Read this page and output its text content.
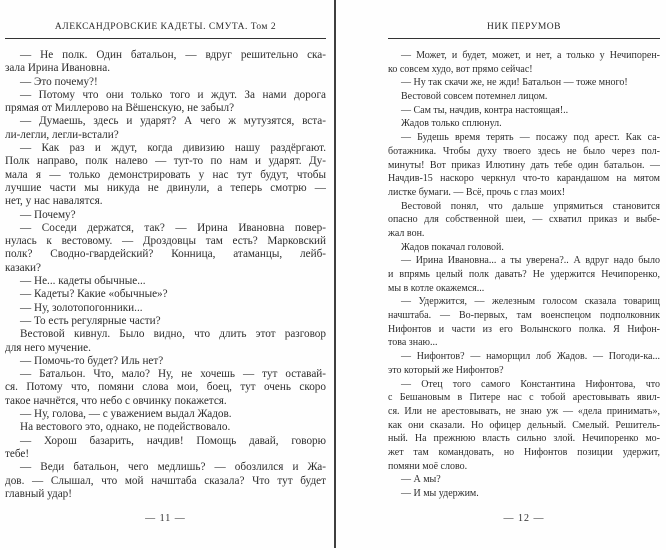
АЛЕКСАНДРОВСКИЕ КАДЕТЫ. СМУТА. Том 2
— Не полк. Один батальон, — вдруг решительно ска-
зала Ирина Ивановна.
— Это почему?!
— Потому что они только того и ждут. За нами дорога
прямая от Миллерово на Вёшенскую, не забыл?
— Думаешь, здесь и ударят? А чего ж мутузятся, вста-
ли-легли, легли-встали?
— Как раз и ждут, когда дивизию нашу раздёргают.
Полк направо, полк налево — тут-то по нам и ударят. Ду-
мала я — только демонстрировать у нас тут будут, чтобы
лучшие части мы никуда не двинули, а теперь смотрю —
нет, у нас навалятся.
— Почему?
— Соседи держатся, так? — Ирина Ивановна повер-
нулась к вестовому. — Дроздовцы там есть? Марковский
полк? Сводно-гвардейский? Конница, атаманцы, лейб-
казаки?
— Не... кадеты обычные...
— Кадеты? Какие «обычные»?
— Ну, золотопогонники...
— То есть регулярные части?
Вестовой кивнул. Было видно, что длить этот разговор
для него мучение.
— Помочь-то будет? Иль нет?
— Батальон. Что, мало? Ну, не хочешь — тут оставай-
ся. Потому что, помяни слова мои, боец, тут очень скоро
такое начнётся, что небо с овчинку покажется.
— Ну, голова, — с уважением выдал Жадов.
На вестового это, однако, не подействовало.
— Хорош базарить, начдив! Помощь давай, говорю
тебе!
— Веди батальон, чего медлишь? — обозлился и Жа-
дов. — Слышал, что мой начштаба сказала? Что тут будет
главный удар!
— 11 —
НИК ПЕРУМОВ
— Может, и будет, может, и нет, а только у Нечипорен-
ко совсем худо, вот прямо сейчас!
— Ну так скачи же, не жди! Батальон — тоже много!
Вестовой совсем потемнел лицом.
— Сам ты, начдив, контра настоящая!..
Жадов только сплюнул.
— Будешь время терять — посажу под арест. Как са-
ботажника. Чтобы духу твоего здесь не было через пол-
минуты! Вот приказ Илютину дать тебе один батальон. —
Начдив-15 наскоро черкнул что-то карандашом на мятом
листке бумаги. — Всё, прочь с глаз моих!
Вестовой понял, что дальше упрямиться становится
опасно для собственной шеи, — схватил приказ и выбе-
жал вон.
Жадов покачал головой.
— Ирина Ивановна... а ты уверена?.. А вдруг надо было
и впрямь целый полк давать? Не удержится Нечипоренко,
мы в котле окажемся...
— Удержится, — железным голосом сказала товарищ
начштаба. — Во-первых, там военспецом подполковник
Нифонтов и части из его Волынского полка. Я Нифон-
това знаю...
— Нифонтов? — наморщил лоб Жадов. — Погоди-ка...
это который же Нифонтов?
— Отец того самого Константина Нифонтова, что
с Бешановым в Питере нас с тобой арестовывать явил-
ся. Или не арестовывать, не знаю уж — «дела принимать»,
как они сказали. Но офицер дельный. Смелый. Решитель-
ный. На прежнюю власть сильно злой. Нечипоренко мо-
жет там командовать, но Нифонтов позиции удержит,
помяни моё слово.
— А мы?
— И мы удержим.
— 12 —
